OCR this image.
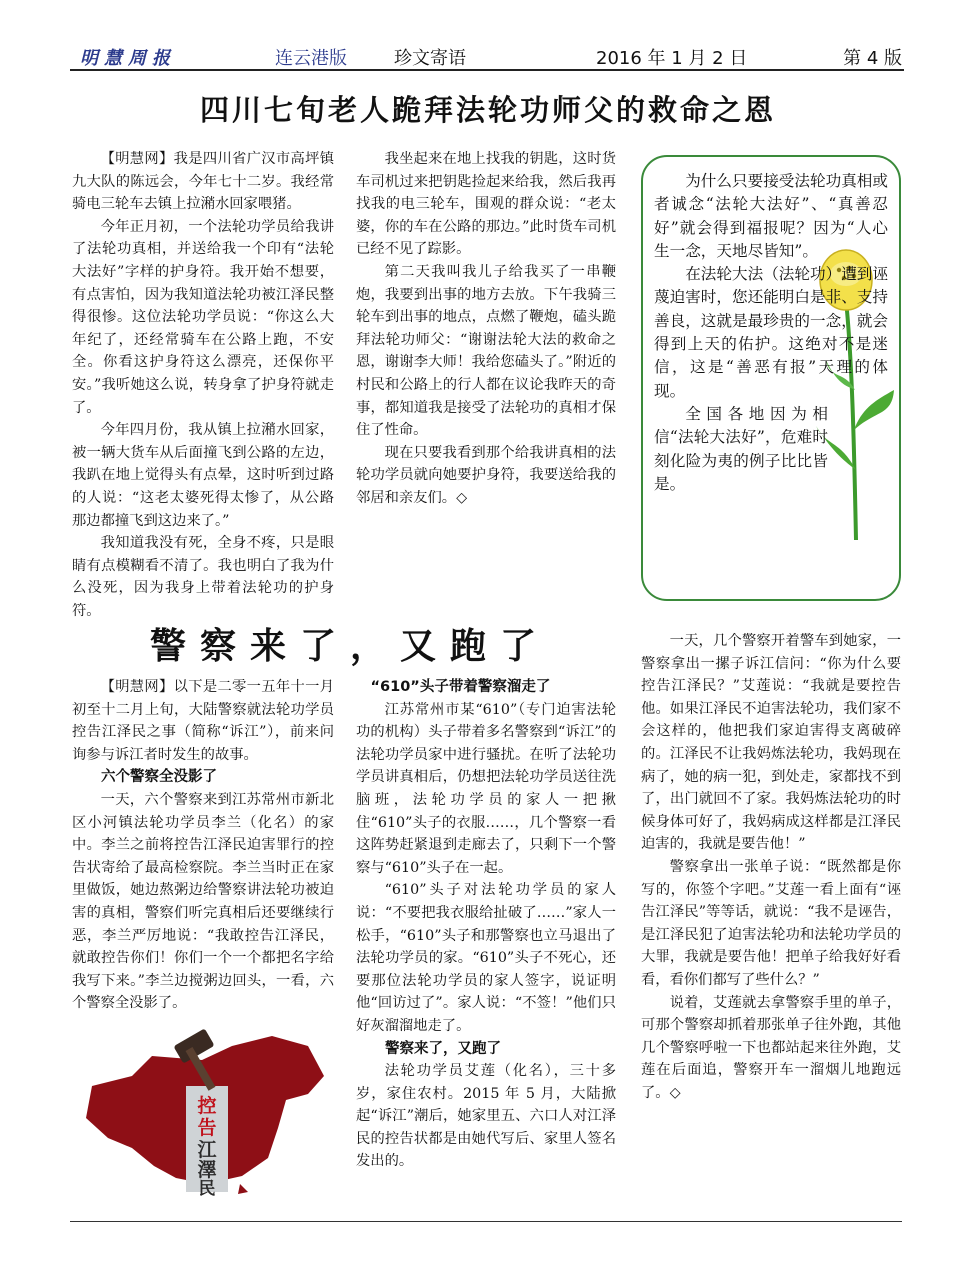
明慧周报	连云港版	珍文寄语	2016 年 1 月 2 日	第 4 版
四川七旬老人跪拜法轮功师父的救命之恩

【明慧网】我是四川省广汉市高坪镇九大队的陈远会，今年七十二岁。我经常骑电三轮车去镇上拉潲水回家喂猪。

今年正月初，一个法轮功学员给我讲了法轮功真相，并送给我一个印有“法轮大法好”字样的护身符。我开始不想要，有点害怕，因为我知道法轮功被江泽民整得很惨。这位法轮功学员说：“你这么大年纪了，还经常骑车在公路上跑，不安全。你看这护身符这么漂亮，还保你平安。”我听她这么说，转身拿了护身符就走了。

今年四月份，我从镇上拉潲水回家，被一辆大货车从后面撞飞到公路的左边，我趴在地上觉得头有点晕，这时听到过路的人说：“这老太婆死得太惨了，从公路那边都撞飞到这边来了。”

我知道我没有死，全身不疼，只是眼睛有点模糊看不清了。我也明白了我为什么没死，因为我身上带着法轮功的护身符。

我坐起来在地上找我的钥匙，这时货车司机过来把钥匙捡起来给我，然后我再找我的电三轮车，围观的群众说：“老太婆，你的车在公路的那边。”此时货车司机已经不见了踪影。

第二天我叫我儿子给我买了一串鞭炮，我要到出事的地方去放。下午我骑三轮车到出事的地点，点燃了鞭炮，磕头跪拜法轮功师父：“谢谢法轮大法的救命之恩，谢谢李大师！我给您磕头了。”附近的村民和公路上的行人都在议论我昨天的奇事，都知道我是接受了法轮功的真相才保住了性命。

现在只要我看到那个给我讲真相的法轮功学员就向她要护身符，我要送给我的邻居和亲友们。◇

为什么只要接受法轮功真相或者诚念“法轮大法好”、“真善忍好”就会得到福报呢？因为“人心生一念，天地尽皆知”。

在法轮大法（法轮功）遭到诬蔑迫害时，您还能明白是非、支持善良，这就是最珍贵的一念，就会得到上天的佑护。这绝对不是迷信，这是“善恶有报”天理的体现。

全国各地因为相信“法轮大法好”，危难时刻化险为夷的例子比比皆是。

警察来了，又跑了

【明慧网】以下是二零一五年十一月初至十二月上旬，大陆警察就法轮功学员控告江泽民之事（简称“诉江”），前来问询参与诉江者时发生的故事。

六个警察全没影了

一天，六个警察来到江苏常州市新北区小河镇法轮功学员李兰（化名）的家中。李兰之前将控告江泽民迫害罪行的控告状寄给了最高检察院。李兰当时正在家里做饭，她边熬粥边给警察讲法轮功被迫害的真相，警察们听完真相后还要继续行恶，李兰严厉地说：“我敢控告江泽民，就敢控告你们！你们一个一个都把名字给我写下来。”李兰边搅粥边回头，一看，六个警察全没影了。

控
告
江
澤
民
“610”头子带着警察溜走了

江苏常州市某“610”（专门迫害法轮功的机构）头子带着多名警察到“诉江”的法轮功学员家中进行骚扰。在听了法轮功学员讲真相后，仍想把法轮功学员送往洗脑班，法轮功学员的家人一把揪住“610”头子的衣服……，几个警察一看这阵势赶紧退到走廊去了，只剩下一个警察与“610”头子在一起。

“610”头子对法轮功学员的家人说：“不要把我衣服给扯破了……”家人一松手，“610”头子和那警察也立马退出了法轮功学员的家。“610”头子不死心，还要那位法轮功学员的家人签字，说证明他“回访过了”。家人说：“不签！”他们只好灰溜溜地走了。

警察来了，又跑了

法轮功学员艾莲（化名），三十多岁，家住农村。2015 年 5 月，大陆掀起“诉江”潮后，她家里五、六口人对江泽民的控告状都是由她代写后、家里人签名发出的。

一天，几个警察开着警车到她家，一警察拿出一摞子诉江信问：“你为什么要控告江泽民？”艾莲说：“我就是要控告他。如果江泽民不迫害法轮功，我们家不会这样的，他把我们家迫害得支离破碎的。江泽民不让我妈炼法轮功，我妈现在病了，她的病一犯，到处走，家都找不到了，出门就回不了家。我妈炼法轮功的时候身体可好了，我妈病成这样都是江泽民迫害的，我就是要告他！”

警察拿出一张单子说：“既然都是你写的，你签个字吧。”艾莲一看上面有“诬告江泽民”等等话，就说：“我不是诬告，是江泽民犯了迫害法轮功和法轮功学员的大罪，我就是要告他！把单子给我好好看看，看你们都写了些什么？”

说着，艾莲就去拿警察手里的单子，可那个警察却抓着那张单子往外跑，其他几个警察呼啦一下也都站起来往外跑，艾莲在后面追，警察开车一溜烟儿地跑远了。◇
